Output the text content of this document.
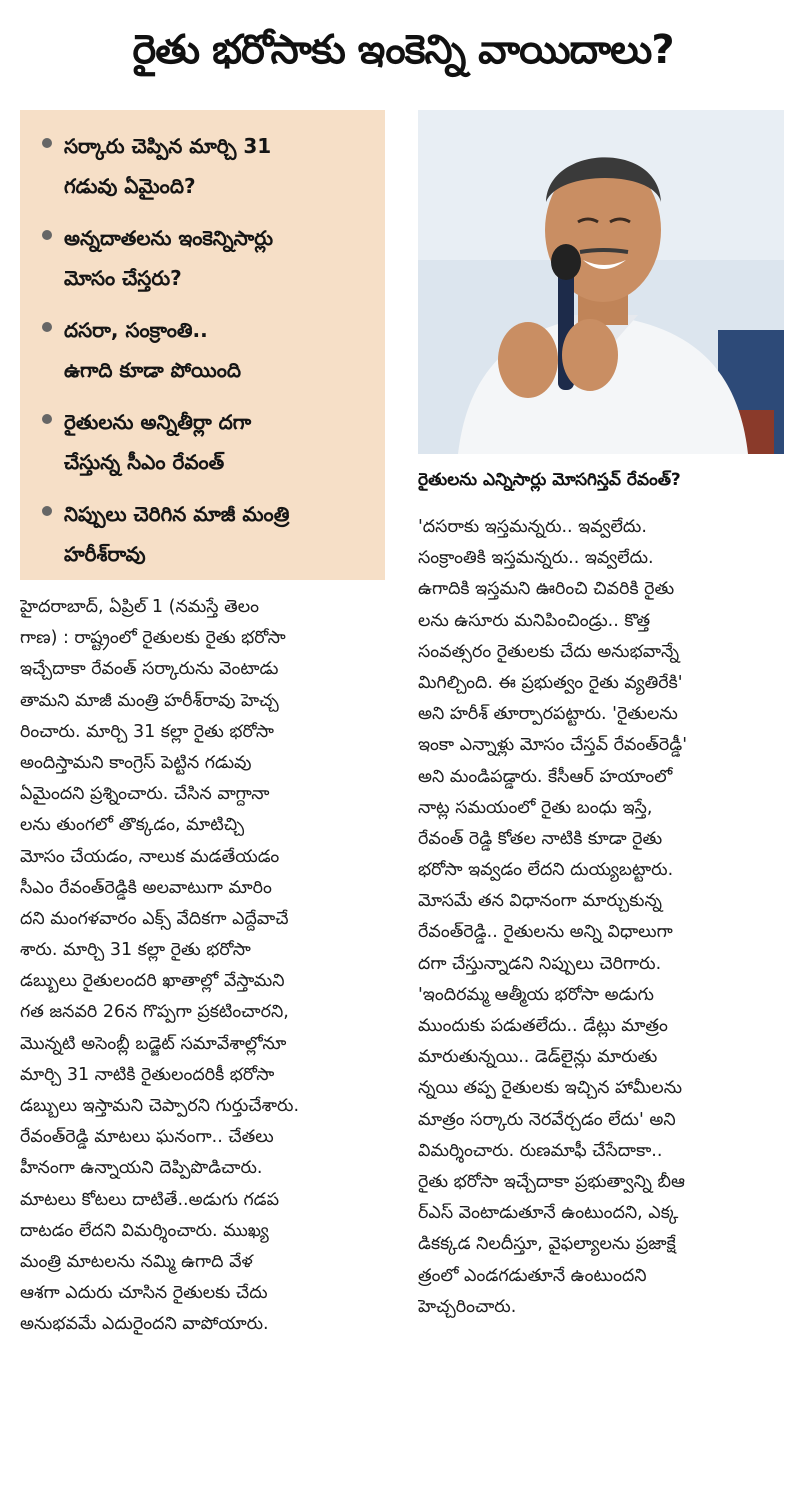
రైతు భరోసాకు ఇంకెన్ని వాయిదాలు?
సర్కారు చెప్పిన మార్చి 31
గడువు ఏమైంది?
అన్నదాతలను ఇంకెన్నిసార్లు
మోసం చేస్తరు?
దసరా, సంక్రాంతి..
ఉగాది కూడా పోయింది
రైతులను అన్నితీర్లా దగా
చేస్తున్న సీఎం రేవంత్
నిప్పులు చెరిగిన మాజీ మంత్రి
హరీశ్‌రావు
రైతులను ఎన్నిసార్లు మోసగిస్తవ్ రేవంత్?
హైదరాబాద్, ఏప్రిల్ 1 (నమస్తే తెలం
గాణ) : రాష్ట్రంలో రైతులకు రైతు భరోసా
ఇచ్చేదాకా రేవంత్ సర్కారును వెంటాడు
తామని మాజీ మంత్రి హరీశ్‌రావు హెచ్చ
రించారు. మార్చి 31 కల్లా రైతు భరోసా
అందిస్తామని కాంగ్రెస్ పెట్టిన గడువు
ఏమైందని ప్రశ్నించారు. చేసిన వాగ్దానా
లను తుంగలో తొక్కడం, మాటిచ్చి
మోసం చేయడం, నాలుక మడతేయడం
సీఎం రేవంత్‌రెడ్డికి అలవాటుగా మారిం
దని మంగళవారం ఎక్స్ వేదికగా ఎద్దేవాచే
శారు. మార్చి 31 కల్లా రైతు భరోసా
డబ్బులు రైతులందరి ఖాతాల్లో వేస్తామని
గత జనవరి 26న గొప్పగా ప్రకటించారని,
మొన్నటి అసెంబ్లీ బడ్జెట్ సమావేశాల్లోనూ
మార్చి 31 నాటికి రైతులందరికీ భరోసా
డబ్బులు ఇస్తామని చెప్పారని గుర్తుచేశారు.
రేవంత్‌రెడ్డి మాటలు ఘనంగా.. చేతలు
హీనంగా ఉన్నాయని దెప్పిపొడిచారు.
మాటలు కోటలు దాటితే..అడుగు గడప
దాటడం లేదని విమర్శించారు. ముఖ్య
మంత్రి మాటలను నమ్మి ఉగాది వేళ
ఆశగా ఎదురు చూసిన రైతులకు చేదు
అనుభవమే ఎదురైందని వాపోయారు.
'దసరాకు ఇస్తమన్నరు.. ఇవ్వలేదు.
సంక్రాంతికి ఇస్తమన్నరు.. ఇవ్వలేదు.
ఉగాదికి ఇస్తమని ఊరించి చివరికి రైతు
లను ఉసూరు మనిపించిండ్రు.. కొత్త
సంవత్సరం రైతులకు చేదు అనుభవాన్నే
మిగిల్చింది. ఈ ప్రభుత్వం రైతు వ్యతిరేకి'
అని హరీశ్ తూర్పారపట్టారు. 'రైతులను
ఇంకా ఎన్నాళ్లు మోసం చేస్తవ్ రేవంత్‌రెడ్డీ'
అని మండిపడ్డారు. కేసీఆర్ హయాంలో
నాట్ల సమయంలో రైతు బంధు ఇస్తే,
రేవంత్ రెడ్డి కోతల నాటికి కూడా రైతు
భరోసా ఇవ్వడం లేదని దుయ్యబట్టారు.
మోసమే తన విధానంగా మార్చుకున్న
రేవంత్‌రెడ్డి.. రైతులను అన్ని విధాలుగా
దగా చేస్తున్నాడని నిప్పులు చెరిగారు.
'ఇందిరమ్మ ఆత్మీయ భరోసా అడుగు
ముందుకు పడుతలేదు.. డేట్లు మాత్రం
మారుతున్నయి.. డెడ్‌లైన్లు మారుతు
న్నయి తప్ప రైతులకు ఇచ్చిన హామీలను
మాత్రం సర్కారు నెరవేర్చడం లేదు' అని
విమర్శించారు. రుణమాఫీ చేసేదాకా..
రైతు భరోసా ఇచ్చేదాకా ప్రభుత్వాన్ని బీఆ
ర్ఎస్ వెంటాడుతూనే ఉంటుందని, ఎక్క
డికక్కడ నిలదీస్తూ, వైఫల్యాలను ప్రజాక్షే
త్రంలో ఎండగడుతూనే ఉంటుందని
హెచ్చరించారు.
